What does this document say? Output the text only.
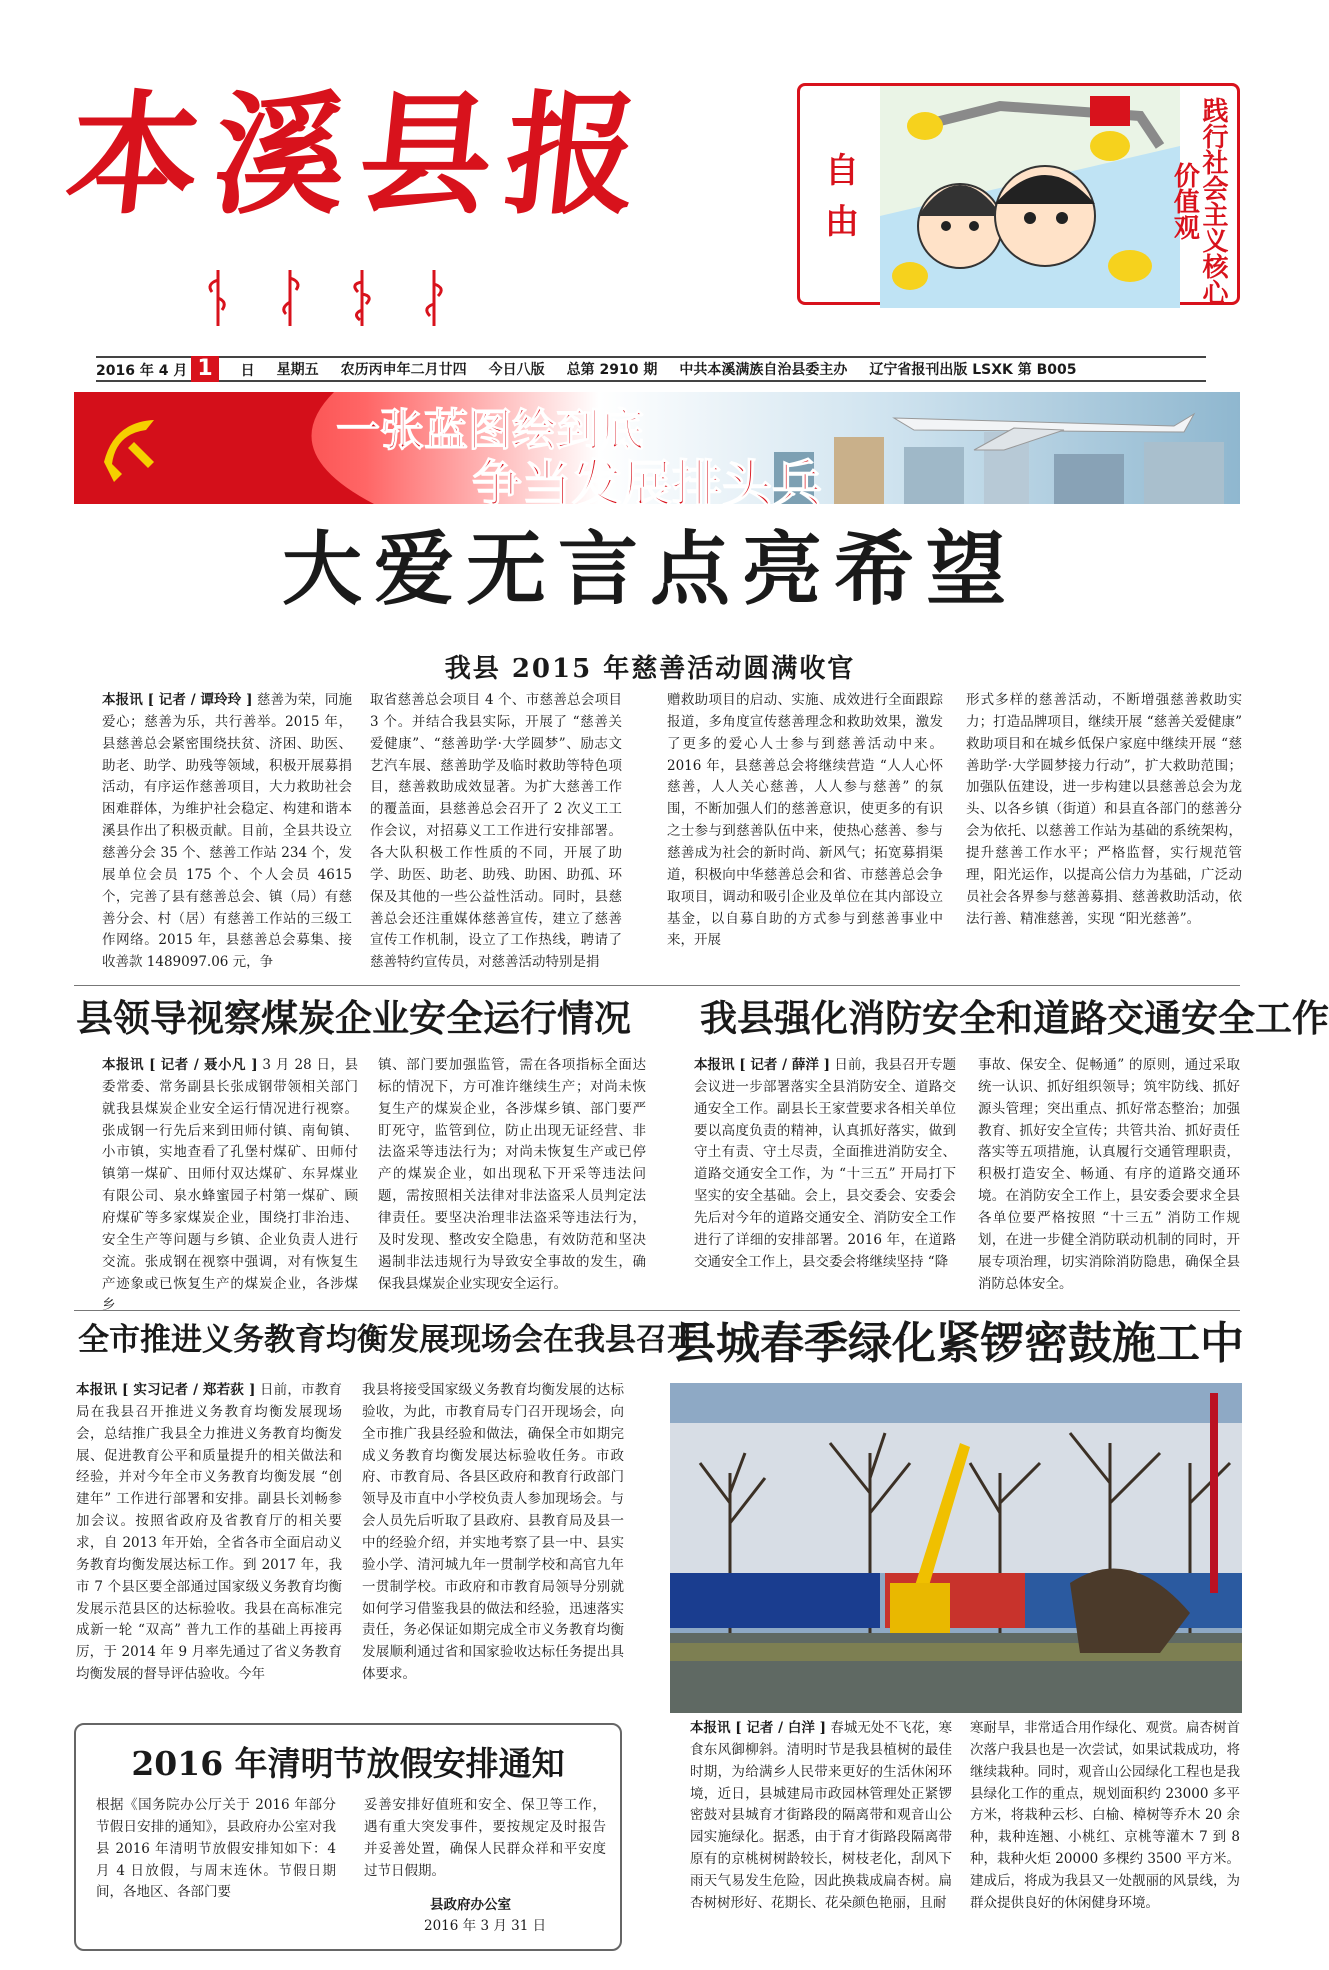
本溪县报	自由	践行社会主义核心价值观
2016 年 4 月 1 日	星期五 农历丙申年二月廿四 今日八版 总第 2910 期 中共本溪满族自治县委主办 辽宁省报刊出版 LSXK 第 B005
一张蓝图绘到底
争当发展排头兵
大爱无言点亮希望
我县 2015 年慈善活动圆满收官
本报讯 [ 记者 / 谭玲玲 ] 慈善为荣，同施爱心；慈善为乐，共行善举。2015 年，县慈善总会紧密围绕扶贫、济困、助医、助老、助学、助残等领域，积极开展募捐活动，有序运作慈善项目，大力救助社会困难群体，为维护社会稳定、构建和谐本溪县作出了积极贡献。目前，全县共设立慈善分会 35 个、慈善工作站 234 个，发展单位会员 175 个、个人会员 4615 个，完善了县有慈善总会、镇（局）有慈善分会、村（居）有慈善工作站的三级工作网络。2015 年，县慈善总会募集、接收善款 1489097.06 元，争
取省慈善总会项目 4 个、市慈善总会项目 3 个。并结合我县实际，开展了 “慈善关爱健康”、“慈善助学·大学圆梦”、励志文艺汽车展、慈善助学及临时救助等特色项目，慈善救助成效显著。为扩大慈善工作的覆盖面，县慈善总会召开了 2 次义工工作会议，对招募义工工作进行安排部署。各大队积极工作性质的不同，开展了助学、助医、助老、助残、助困、助孤、环保及其他的一些公益性活动。同时，县慈善总会还注重媒体慈善宣传，建立了慈善宣传工作机制，设立了工作热线，聘请了慈善特约宣传员，对慈善活动特别是捐
赠救助项目的启动、实施、成效进行全面跟踪报道，多角度宣传慈善理念和救助效果，激发了更多的爱心人士参与到慈善活动中来。2016 年，县慈善总会将继续营造 “人人心怀慈善，人人关心慈善，人人参与慈善” 的氛围，不断加强人们的慈善意识，使更多的有识之士参与到慈善队伍中来，使热心慈善、参与慈善成为社会的新时尚、新风气；拓宽募捐渠道，积极向中华慈善总会和省、市慈善总会争取项目，调动和吸引企业及单位在其内部设立基金，以自募自助的方式参与到慈善事业中来，开展
形式多样的慈善活动，不断增强慈善救助实力；打造品牌项目，继续开展 “慈善关爱健康” 救助项目和在城乡低保户家庭中继续开展 “慈善助学·大学圆梦接力行动”，扩大救助范围；加强队伍建设，进一步构建以县慈善总会为龙头、以各乡镇（街道）和县直各部门的慈善分会为依托、以慈善工作站为基础的系统架构，提升慈善工作水平；严格监督，实行规范管理，阳光运作，以提高公信力为基础，广泛动员社会各界参与慈善募捐、慈善救助活动，依法行善、精准慈善，实现 “阳光慈善”。
县领导视察煤炭企业安全运行情况
本报讯 [ 记者 / 聂小凡 ] 3 月 28 日，县委常委、常务副县长张成钢带领相关部门就我县煤炭企业安全运行情况进行视察。张成钢一行先后来到田师付镇、南甸镇、小市镇，实地查看了孔堡村煤矿、田师付镇第一煤矿、田师付双达煤矿、东昇煤业有限公司、泉水蜂蜜园子村第一煤矿、顾府煤矿等多家煤炭企业，围绕打非治违、安全生产等问题与乡镇、企业负责人进行交流。张成钢在视察中强调，对有恢复生产迹象或已恢复生产的煤炭企业，各涉煤乡
镇、部门要加强监管，需在各项指标全面达标的情况下，方可准许继续生产；对尚未恢复生产的煤炭企业，各涉煤乡镇、部门要严盯死守，监管到位，防止出现无证经营、非法盗采等违法行为；对尚未恢复生产或已停产的煤炭企业，如出现私下开采等违法问题，需按照相关法律对非法盗采人员判定法律责任。要坚决治理非法盗采等违法行为，及时发现、整改安全隐患，有效防范和坚决遏制非法违规行为导致安全事故的发生，确保我县煤炭企业实现安全运行。
我县强化消防安全和道路交通安全工作
本报讯 [ 记者 / 薛洋 ] 日前，我县召开专题会议进一步部署落实全县消防安全、道路交通安全工作。副县长王家萱要求各相关单位要以高度负责的精神，认真抓好落实，做到守土有责、守土尽责，全面推进消防安全、道路交通安全工作，为 “十三五” 开局打下坚实的安全基础。会上，县交委会、安委会先后对今年的道路交通安全、消防安全工作进行了详细的安排部署。2016 年，在道路交通安全工作上，县交委会将继续坚持 “降
事故、保安全、促畅通” 的原则，通过采取统一认识、抓好组织领导；筑牢防线、抓好源头管理；突出重点、抓好常态整治；加强教育、抓好安全宣传；共管共治、抓好责任落实等五项措施，认真履行交通管理职责，积极打造安全、畅通、有序的道路交通环境。在消防安全工作上，县安委会要求全县各单位要严格按照 “十三五” 消防工作规划，在进一步健全消防联动机制的同时，开展专项治理，切实消除消防隐患，确保全县消防总体安全。
全市推进义务教育均衡发展现场会在我县召开
本报讯 [ 实习记者 / 郑若荻 ] 日前，市教育局在我县召开推进义务教育均衡发展现场会，总结推广我县全力推进义务教育均衡发展、促进教育公平和质量提升的相关做法和经验，并对今年全市义务教育均衡发展 “创建年” 工作进行部署和安排。副县长刘畅参加会议。按照省政府及省教育厅的相关要求，自 2013 年开始，全省各市全面启动义务教育均衡发展达标工作。到 2017 年，我市 7 个县区要全部通过国家级义务教育均衡发展示范县区的达标验收。我县在高标准完成新一轮 “双高” 普九工作的基础上再接再厉，于 2014 年 9 月率先通过了省义务教育均衡发展的督导评估验收。今年
我县将接受国家级义务教育均衡发展的达标验收，为此，市教育局专门召开现场会，向全市推广我县经验和做法，确保全市如期完成义务教育均衡发展达标验收任务。市政府、市教育局、各县区政府和教育行政部门领导及市直中小学校负责人参加现场会。与会人员先后听取了县政府、县教育局及县一中的经验介绍，并实地考察了县一中、县实验小学、清河城九年一贯制学校和高官九年一贯制学校。市政府和市教育局领导分别就如何学习借鉴我县的做法和经验，迅速落实责任，务必保证如期完成全市义务教育均衡发展顺利通过省和国家验收达标任务提出具体要求。
县城春季绿化紧锣密鼓施工中
本报讯 [ 记者 / 白洋 ] 春城无处不飞花，寒食东风御柳斜。清明时节是我县植树的最佳时期，为给满乡人民带来更好的生活休闲环境，近日，县城建局市政园林管理处正紧锣密鼓对县城育才街路段的隔离带和观音山公园实施绿化。据悉，由于育才街路段隔离带原有的京桃树树龄较长，树枝老化，刮风下雨天气易发生危险，因此换栽成扁杏树。扁杏树树形好、花期长、花朵颜色艳丽，且耐
寒耐旱，非常适合用作绿化、观赏。扁杏树首次落户我县也是一次尝试，如果试栽成功，将继续栽种。同时，观音山公园绿化工程也是我县绿化工作的重点，规划面积约 23000 多平方米，将栽种云杉、白榆、樟树等乔木 20 余种，栽种连翘、小桃红、京桃等灌木 7 到 8 种，栽种火炬 20000 多棵约 3500 平方米。建成后，将成为我县又一处靓丽的风景线，为群众提供良好的休闲健身环境。
2016 年清明节放假安排通知
根据《国务院办公厅关于 2016 年部分节假日安排的通知》，县政府办公室对我县 2016 年清明节放假安排知如下：4 月 4 日放假，与周末连休。节假日期间，各地区、各部门要
妥善安排好值班和安全、保卫等工作，遇有重大突发事件，要按规定及时报告并妥善处置，确保人民群众祥和平安度过节日假期。
县政府办公室
2016 年 3 月 31 日
